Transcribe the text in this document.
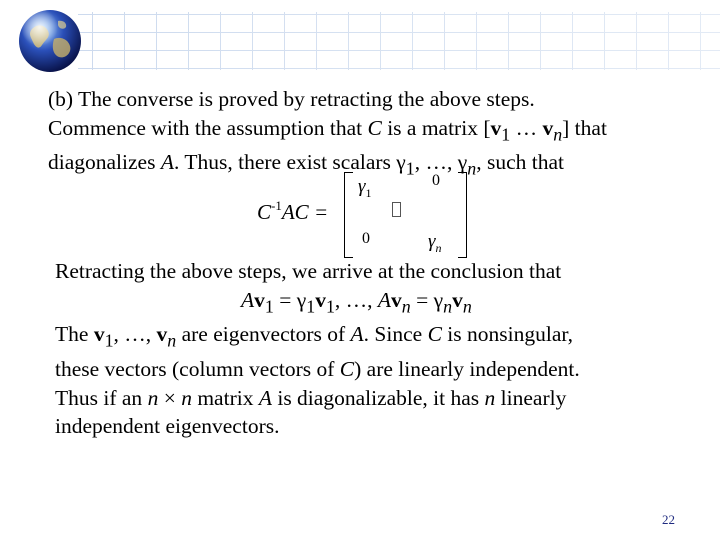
(b) The converse is proved by retracting the above steps.
Commence with the assumption that C is a matrix [$v_1$ … $v_n$] that
diagonalizes A. Thus, there exist scalars $\gamma_1$, …, $\gamma_n$, such that

$C^{-1}AC$ =
$\gamma_1$
0
0	$\gamma_n$

Retracting the above steps, we arrive at the conclusion that

$Av_1 = \gamma_1v_1$, …, $Av_n = \gamma_nv_n$
The $v_1$, …, $v_n$ are eigenvectors of A. Since C is nonsingular,
these vectors (column vectors of C) are linearly independent.
Thus if an n × n matrix A is diagonalizable, it has n linearly
independent eigenvectors.

22
